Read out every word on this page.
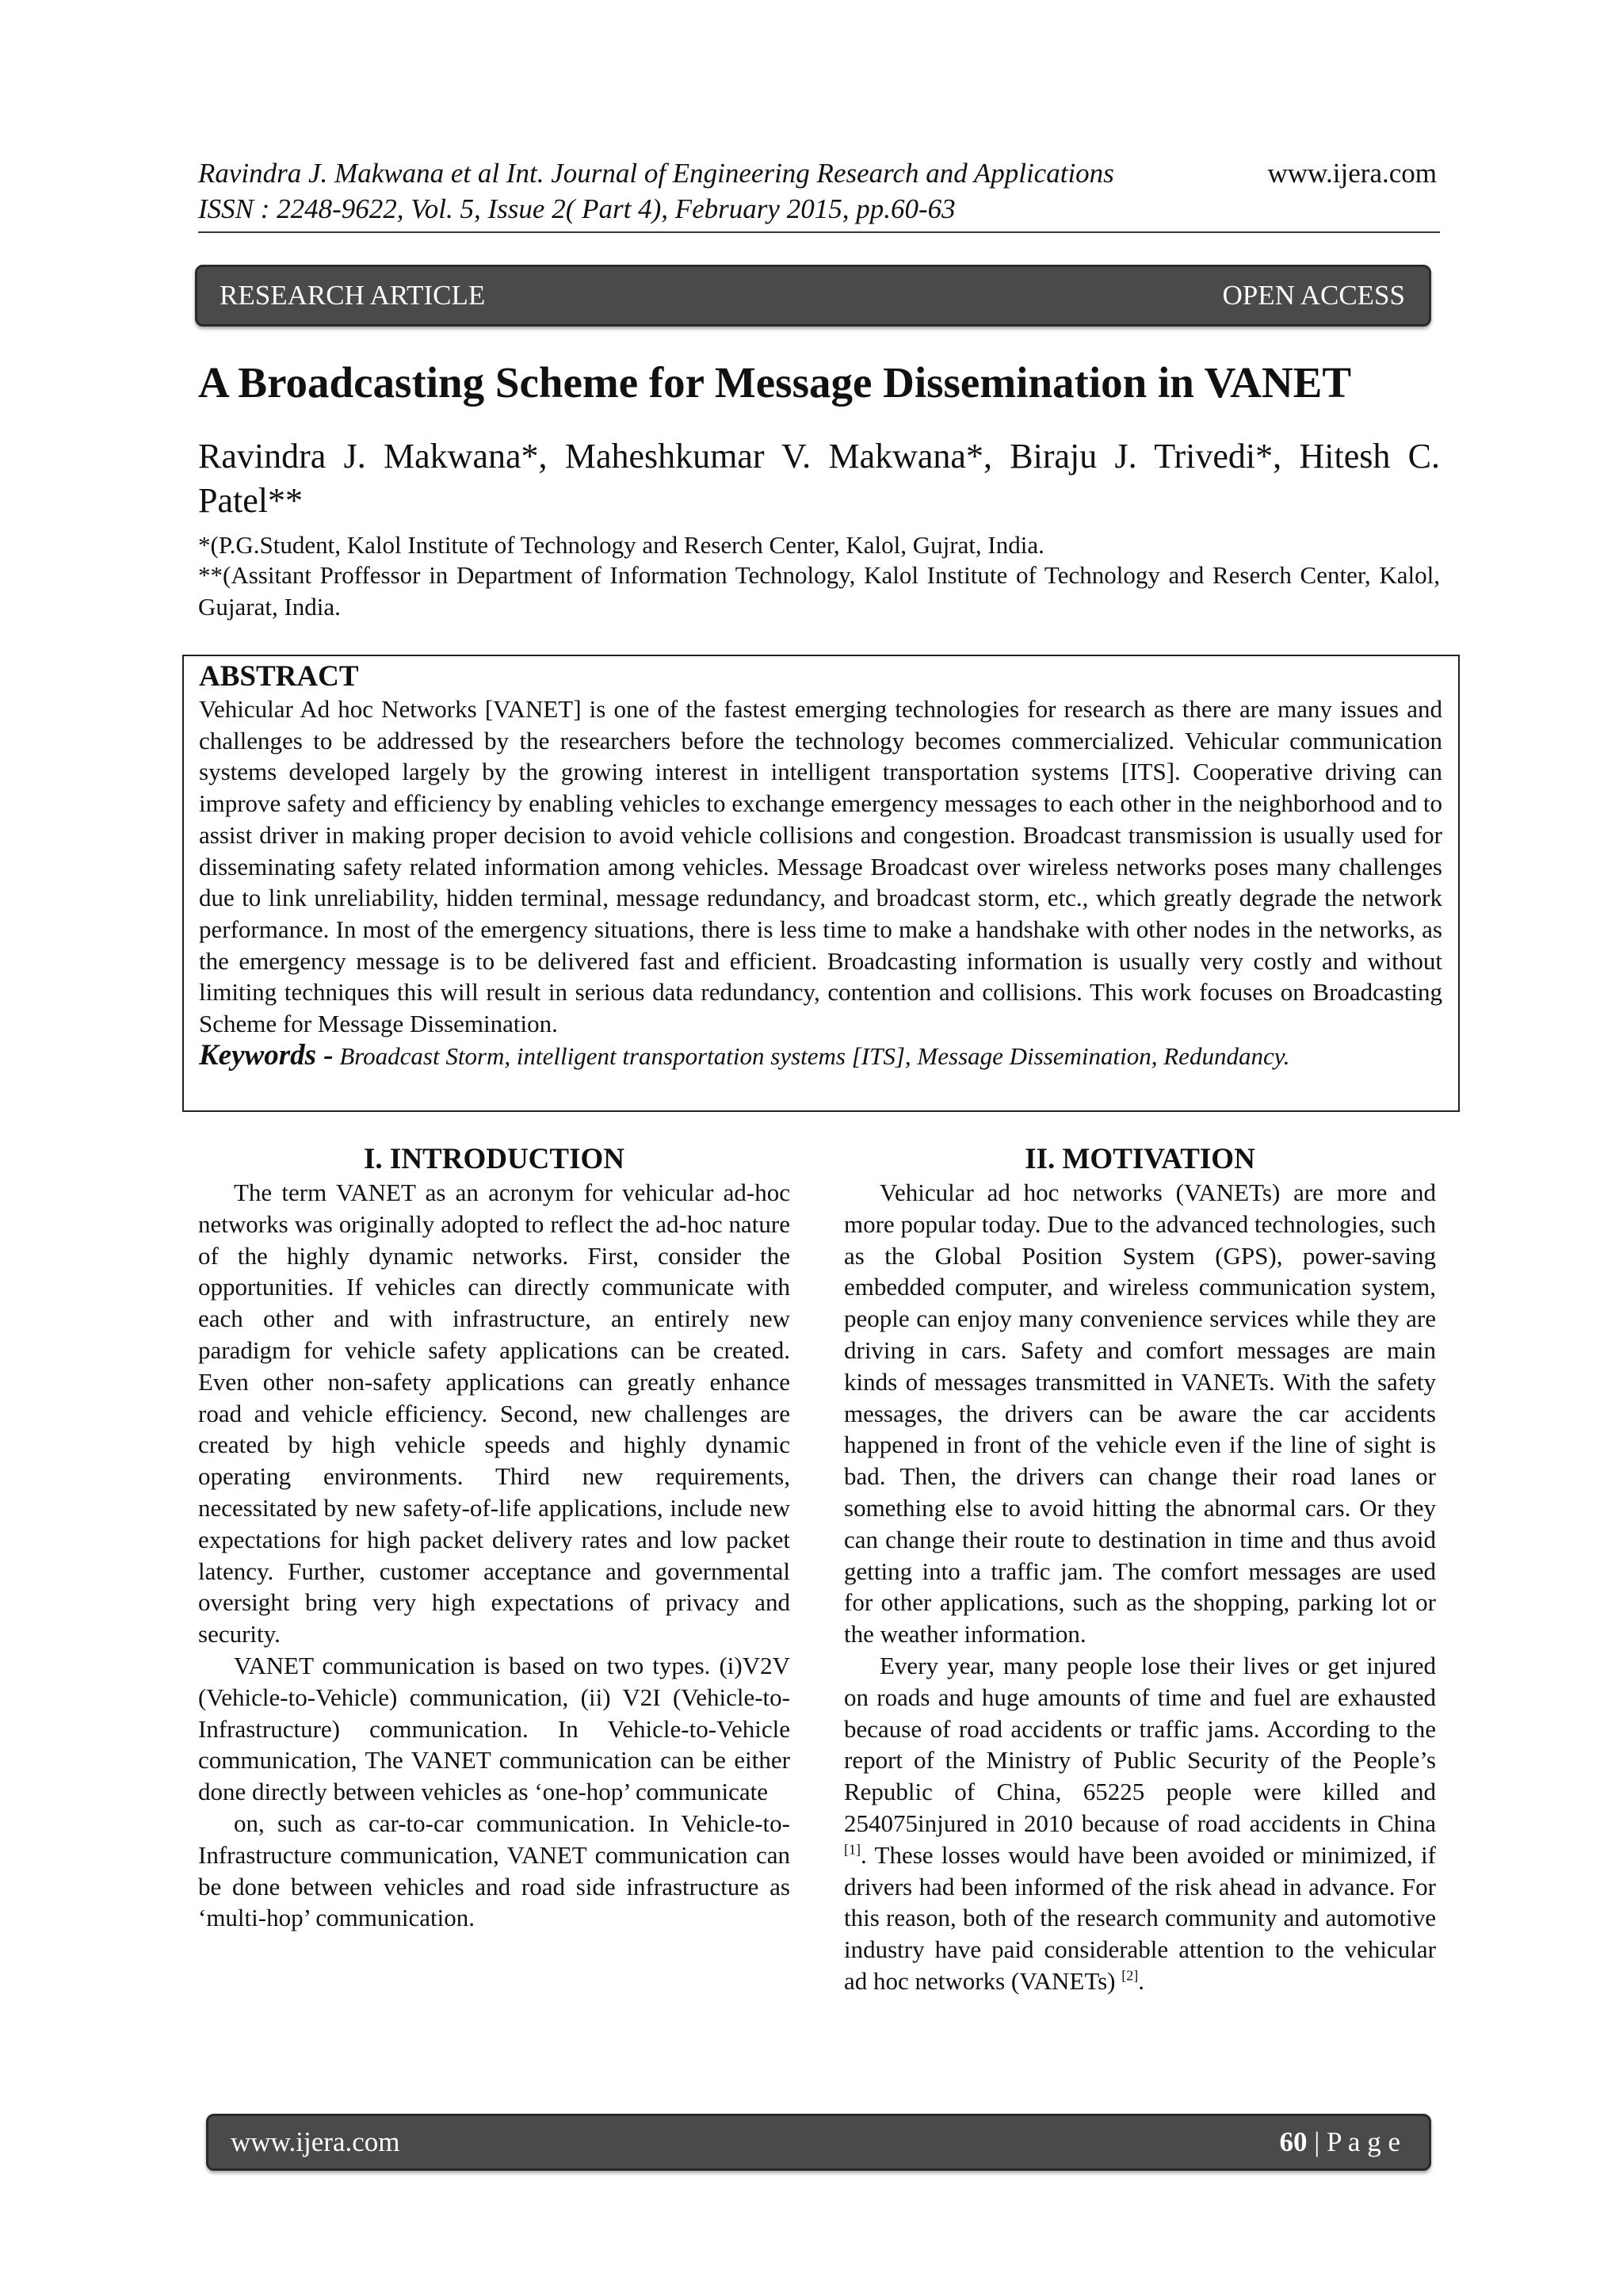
Ravindra J. Makwana et al Int. Journal of Engineering Research and Applications
ISSN : 2248-9622, Vol. 5, Issue 2( Part 4), February 2015, pp.60-63
www.ijera.com
RESEARCH ARTICLE	OPEN ACCESS
A Broadcasting Scheme for Message Dissemination in VANET
Ravindra J. Makwana*, Maheshkumar V. Makwana*, Biraju J. Trivedi*, Hitesh C. Patel**
*(P.G.Student, Kalol Institute of Technology and Reserch Center, Kalol, Gujrat, India.
**(Assitant Proffessor in Department of Information Technology, Kalol Institute of Technology and Reserch Center, Kalol, Gujarat, India.
ABSTRACT
Vehicular Ad hoc Networks [VANET] is one of the fastest emerging technologies for research as there are many issues and challenges to be addressed by the researchers before the technology becomes commercialized. Vehicular communication systems developed largely by the growing interest in intelligent transportation systems [ITS]. Cooperative driving can improve safety and efficiency by enabling vehicles to exchange emergency messages to each other in the neighborhood and to assist driver in making proper decision to avoid vehicle collisions and congestion. Broadcast transmission is usually used for disseminating safety related information among vehicles. Message Broadcast over wireless networks poses many challenges due to link unreliability, hidden terminal, message redundancy, and broadcast storm, etc., which greatly degrade the network performance. In most of the emergency situations, there is less time to make a handshake with other nodes in the networks, as the emergency message is to be delivered fast and efficient. Broadcasting information is usually very costly and without limiting techniques this will result in serious data redundancy, contention and collisions. This work focuses on Broadcasting Scheme for Message Dissemination.
Keywords - Broadcast Storm, intelligent transportation systems [ITS], Message Dissemination, Redundancy.
I. INTRODUCTION

The term VANET as an acronym for vehicular ad-hoc networks was originally adopted to reflect the ad-hoc nature of the highly dynamic networks. First, consider the opportunities. If vehicles can directly communicate with each other and with infrastructure, an entirely new paradigm for vehicle safety applications can be created. Even other non-safety applications can greatly enhance road and vehicle efficiency. Second, new challenges are created by high vehicle speeds and highly dynamic operating environments. Third new requirements, necessitated by new safety-of-life applications, include new expectations for high packet delivery rates and low packet latency. Further, customer acceptance and governmental oversight bring very high expectations of privacy and security.

VANET communication is based on two types. (i)V2V (Vehicle-to-Vehicle) communication, (ii) V2I (Vehicle-to-Infrastructure) communication. In Vehicle-to-Vehicle communication, The VANET communication can be either done directly between vehicles as ‘one-hop’ communicate

on, such as car-to-car communication. In Vehicle-to-Infrastructure communication, VANET communication can be done between vehicles and road side infrastructure as ‘multi-hop’ communication.

II. MOTIVATION

Vehicular ad hoc networks (VANETs) are more and more popular today. Due to the advanced technologies, such as the Global Position System (GPS), power-saving embedded computer, and wireless communication system, people can enjoy many convenience services while they are driving in cars. Safety and comfort messages are main kinds of messages transmitted in VANETs. With the safety messages, the drivers can be aware the car accidents happened in front of the vehicle even if the line of sight is bad. Then, the drivers can change their road lanes or something else to avoid hitting the abnormal cars. Or they can change their route to destination in time and thus avoid getting into a traffic jam. The comfort messages are used for other applications, such as the shopping, parking lot or the weather information.

Every year, many people lose their lives or get injured on roads and huge amounts of time and fuel are exhausted because of road accidents or traffic jams. According to the report of the Ministry of Public Security of the People’s Republic of China, 65225 people were killed and 254075injured in 2010 because of road accidents in China [1]. These losses would have been avoided or minimized, if drivers had been informed of the risk ahead in advance. For this reason, both of the research community and automotive industry have paid considerable attention to the vehicular ad hoc networks (VANETs) [2].

www.ijera.com	60 | P a g e
